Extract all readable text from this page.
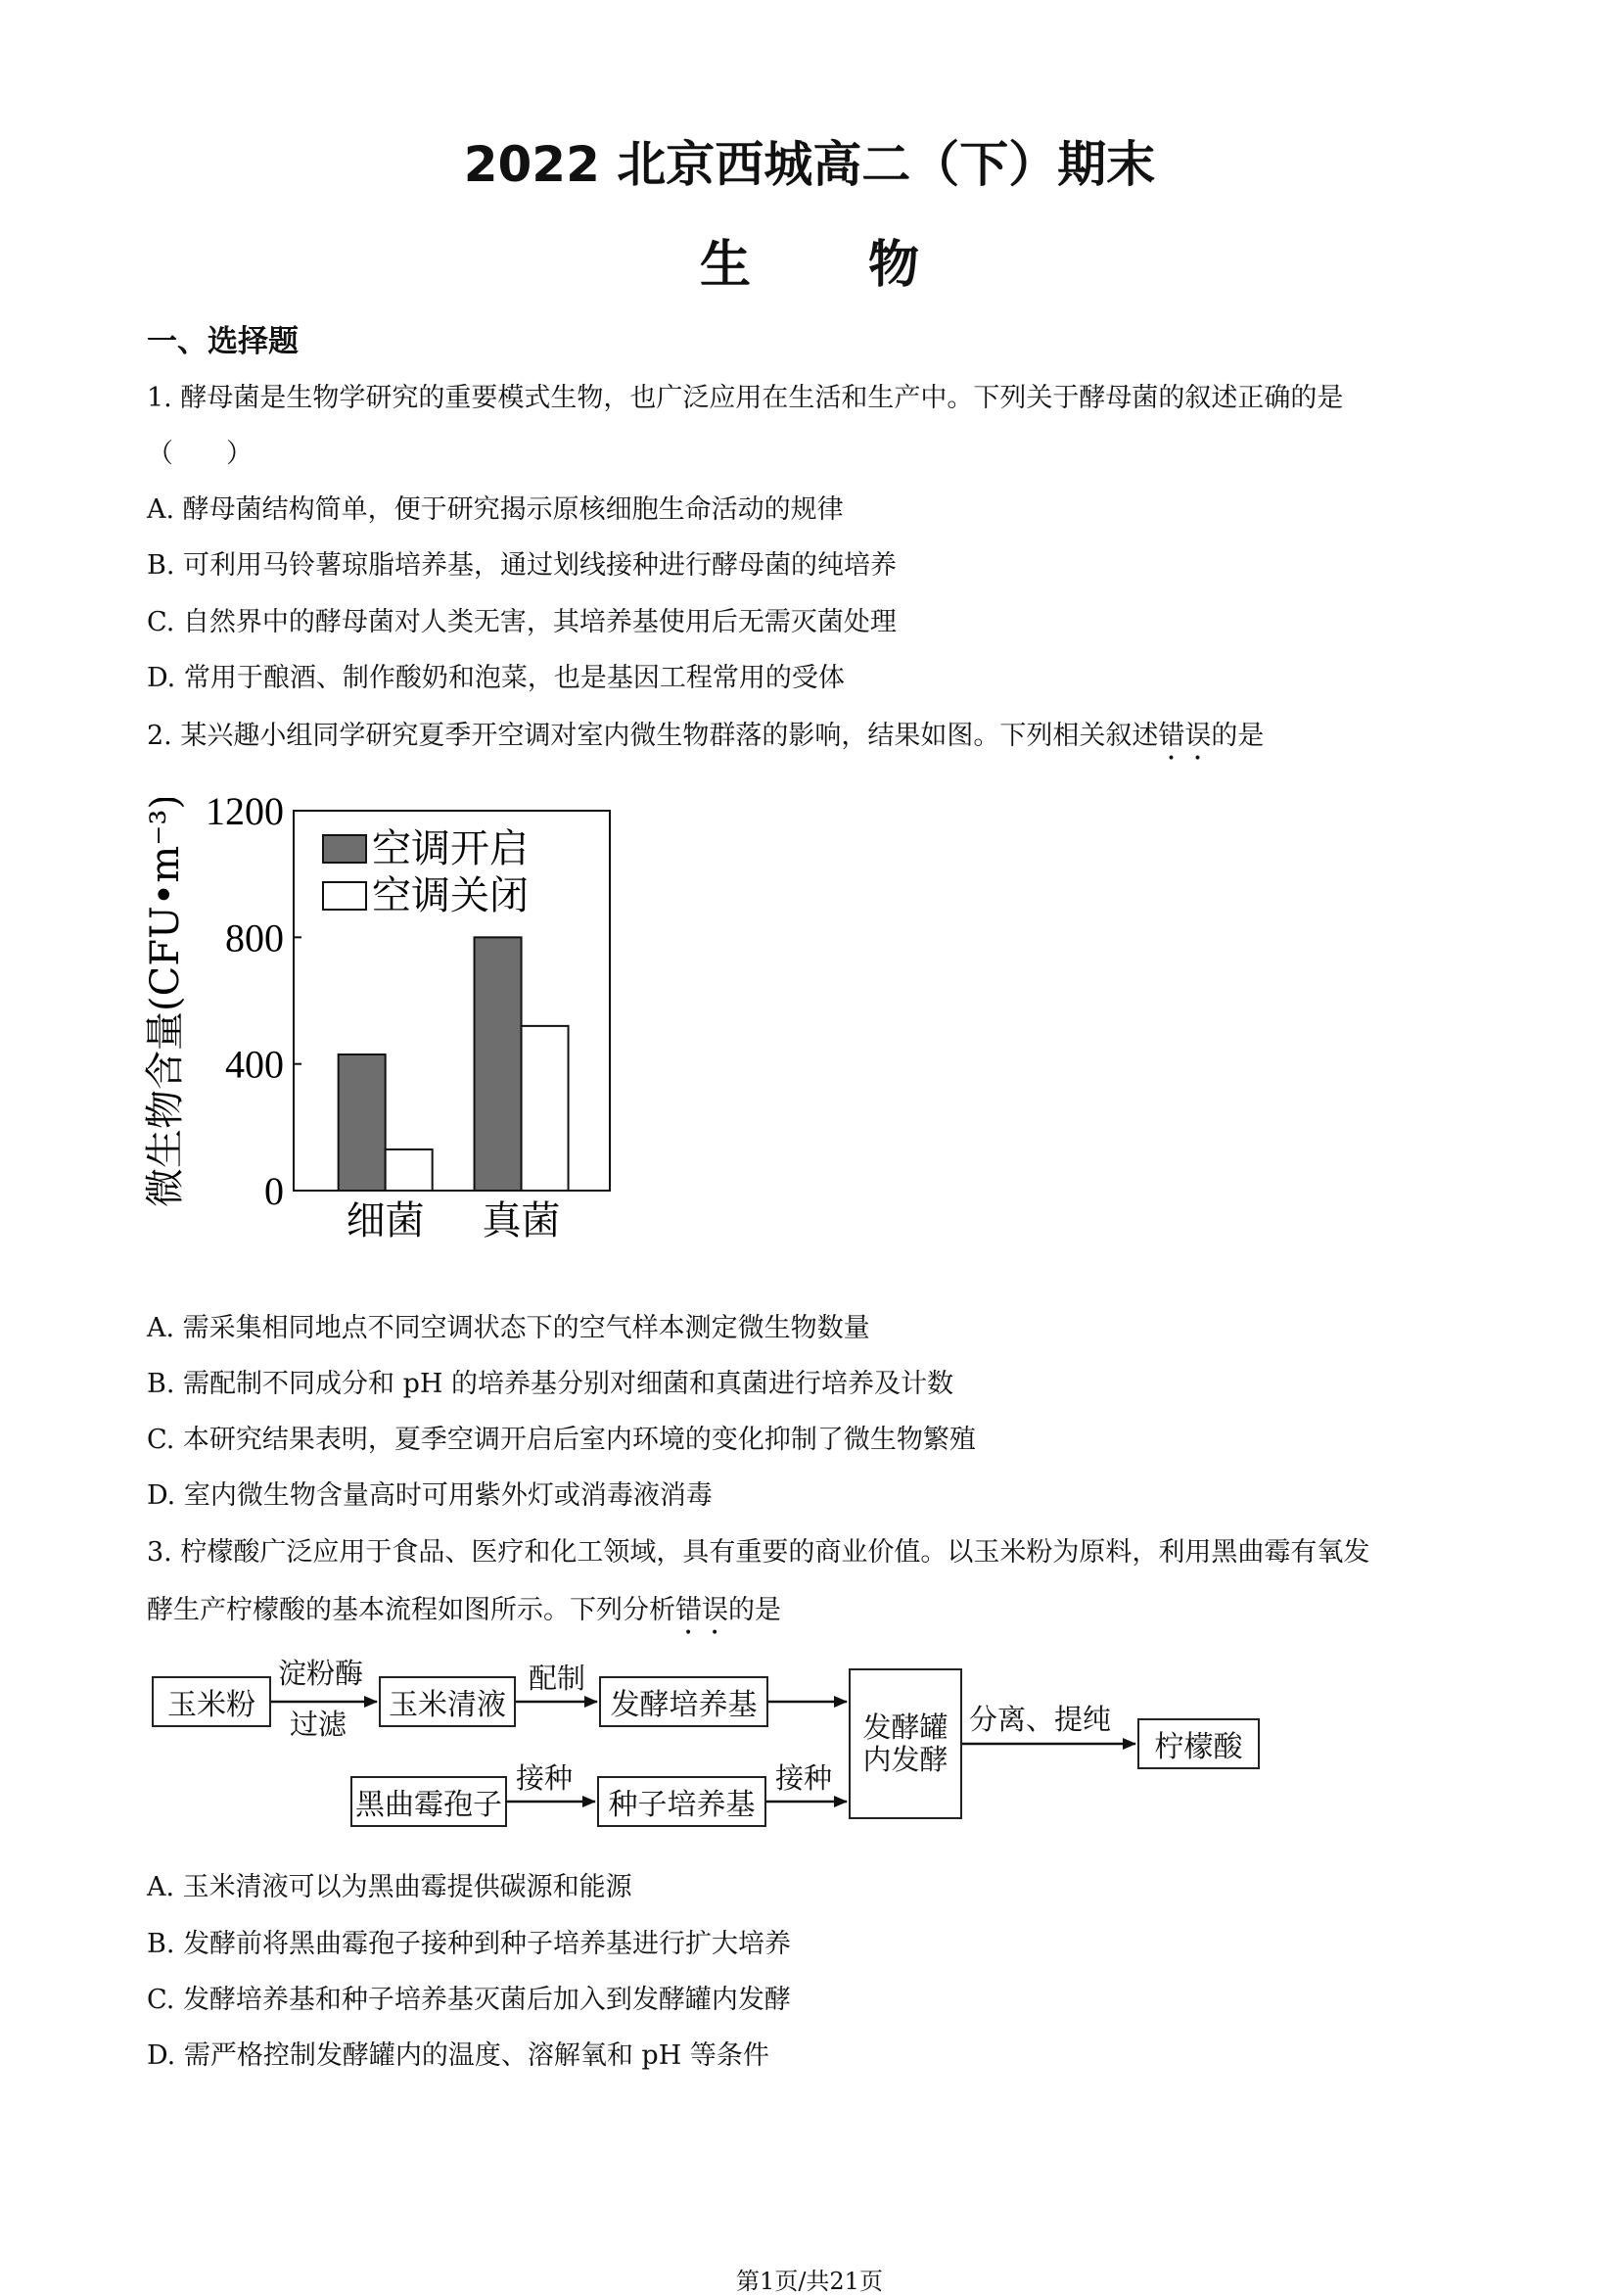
2022 北京西城高二（下）期末
生物
一、选择题
1. 酵母菌是生物学研究的重要模式生物，也广泛应用在生活和生产中。下列关于酵母菌的叙述正确的是
（　　）
A. 酵母菌结构简单，便于研究揭示原核细胞生命活动的规律
B. 可利用马铃薯琼脂培养基，通过划线接种进行酵母菌的纯培养
C. 自然界中的酵母菌对人类无害，其培养基使用后无需灭菌处理
D. 常用于酿酒、制作酸奶和泡菜，也是基因工程常用的受体
2. 某兴趣小组同学研究夏季开空调对室内微生物群落的影响，结果如图。下列相关叙述错误的是
0
400
800
1200
微生物含量(CFU•m⁻³)
细菌 真菌
空调开启
空调关闭
A. 需采集相同地点不同空调状态下的空气样本测定微生物数量
B. 需配制不同成分和 pH 的培养基分别对细菌和真菌进行培养及计数
C. 本研究结果表明，夏季空调开启后室内环境的变化抑制了微生物繁殖
D. 室内微生物含量高时可用紫外灯或消毒液消毒
3. 柠檬酸广泛应用于食品、医疗和化工领域，具有重要的商业价值。以玉米粉为原料，利用黑曲霉有氧发
酵生产柠檬酸的基本流程如图所示。下列分析错误的是
玉米粉	玉米清液	发酵培养基
发酵罐
内发酵	柠檬酸
黑曲霉孢子	种子培养基
淀粉酶
过滤
配制
分离、提纯
接种	接种
A. 玉米清液可以为黑曲霉提供碳源和能源
B. 发酵前将黑曲霉孢子接种到种子培养基进行扩大培养
C. 发酵培养基和种子培养基灭菌后加入到发酵罐内发酵
D. 需严格控制发酵罐内的温度、溶解氧和 pH 等条件
第1页/共21页
